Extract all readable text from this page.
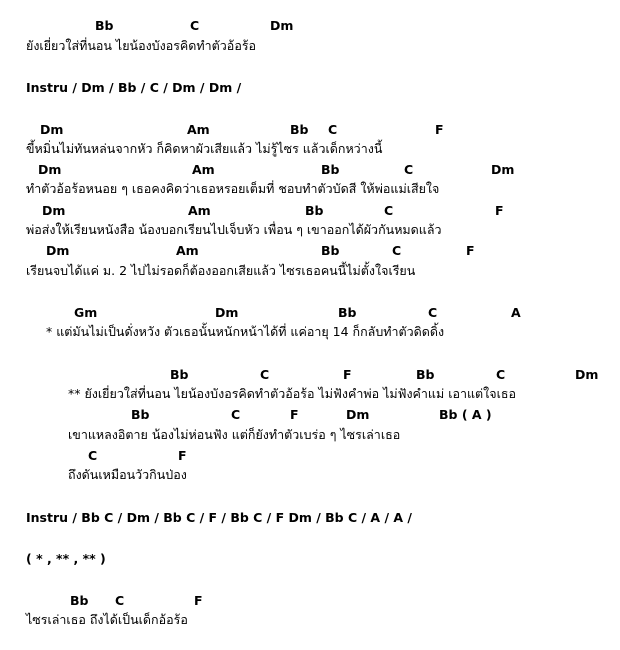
Bb	C	Dm
ยังเยี่ยวใส่ที่นอน ไยน้องบังอรคิดทำตัวอ้อร้อ
Instru / Dm / Bb / C / Dm / Dm /
Dm	Am	Bb C	F
ขี้หมิ่นไม่ทันหล่นจากหัว ก็คิดหาผัวเสียแล้ว ไม่รู้ไซร แล้วเด็กหว่างนี้
Dm	Am	Bb	C	Dm
ทำตัวอ้อร้อหนอย ๆ เธอคงคิดว่าเธอหรอยเต็มที่ ชอบทำตัวบัดสี ให้พ่อแม่เสียใจ
Dm	Am	Bb	C	F
พ่อส่งให้เรียนหนังสือ น้องบอกเรียนไปเจ็บหัว เพื่อน ๆ เขาออกได้ผัวกันหมดแล้ว
Dm	Am	Bb	C	F
เรียนจบได้แค่ ม. 2 ไปไม่รอดก็ต้องออกเสียแล้ว ไซรเธอคนนี้ไม่ตั้งใจเรียน
Gm	Dm	Bb	C	A
* แต่มันไม่เป็นดั่งหวัง ตัวเธอนั้นหนักหน้าได้ที่ แค่อายุ 14 ก็กลับทำตัวดิดดิ้ง
Bb	C	F	Bb	C	Dm
** ยังเยี่ยวใส่ที่นอน ไยน้องบังอรคิดทำตัวอ้อร้อ ไม่ฟังคำพ่อ ไม่ฟังคำแม่ เอาแต่ใจเธอ
Bb	C	F	Dm	Bb ( A )
เขาแหลงอิตาย น้องไม่ห่อนฟัง แต่ก็ยังทำตัวเบร่อ ๆ ไซรเล่าเธอ
C	F
ถึงดันเหมือนวัวกินป่อง
Instru / Bb C / Dm / Bb C / F / Bb C / F Dm / Bb C / A / A /
( * , ** , ** )
Bb C	F
ไซรเล่าเธอ ถึงได้เป็นเด็กอ้อร้อ
